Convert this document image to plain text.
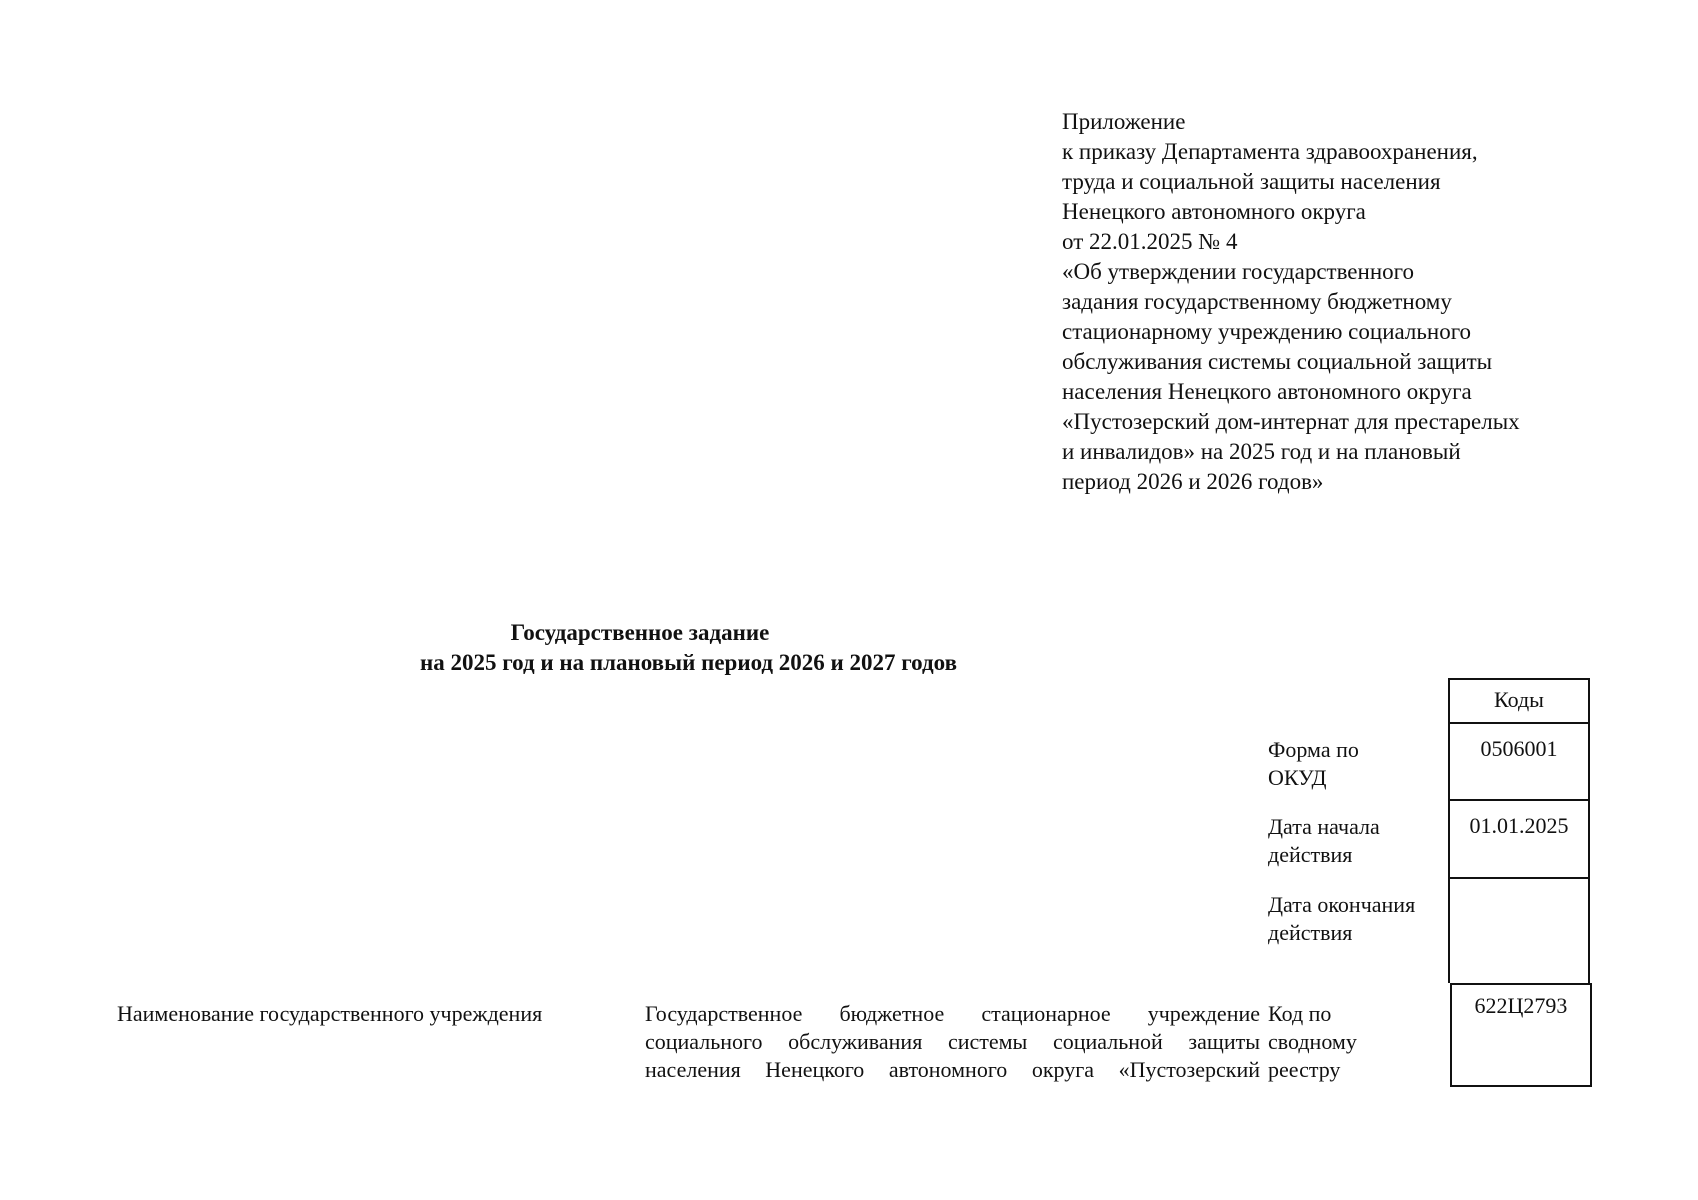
Приложение
к приказу Департамента здравоохранения,
труда и социальной защиты населения
Ненецкого автономного округа
от 22.01.2025 № 4
«Об утверждении государственного
задания государственному бюджетному
стационарному учреждению социального
обслуживания системы социальной защиты
населения Ненецкого автономного округа
«Пустозерский дом-интернат для престарелых
и инвалидов» на 2025 год и на плановый
период 2026 и 2026 годов»
Государственное задание
на 2025 год и на плановый период 2026 и 2027 годов
Коды
0506001
01.01.2025
622Ц2793
Форма по
ОКУД
Дата начала
действия
Дата окончания
действия
Код по
сводному
реестру
Наименование государственного учреждения	Государственное бюджетное стационарное учреждение
социального обслуживания системы социальной защиты
населения Ненецкого автономного округа «Пустозерский
